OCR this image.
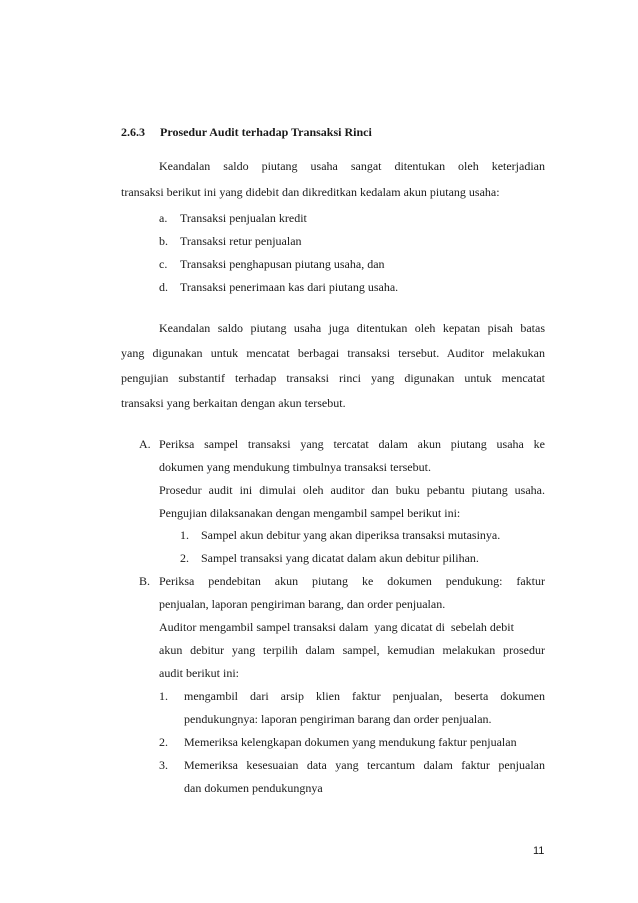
2.6.3 Prosedur Audit terhadap Transaksi Rinci
Keandalan saldo piutang usaha sangat ditentukan oleh keterjadian
transaksi berikut ini yang didebit dan dikreditkan kedalam akun piutang usaha:
a. Transaksi penjualan kredit
b. Transaksi retur penjualan
c. Transaksi penghapusan piutang usaha, dan
d. Transaksi penerimaan kas dari piutang usaha.
Keandalan saldo piutang usaha juga ditentukan oleh kepatan pisah batas
yang digunakan untuk mencatat berbagai transaksi tersebut. Auditor melakukan
pengujian substantif terhadap transaksi rinci yang digunakan untuk mencatat
transaksi yang berkaitan dengan akun tersebut.
A. Periksa sampel transaksi yang tercatat dalam akun piutang usaha ke
dokumen yang mendukung timbulnya transaksi tersebut.
Prosedur audit ini dimulai oleh auditor dan buku pebantu piutang usaha.
Pengujian dilaksanakan dengan mengambil sampel berikut ini:
1. Sampel akun debitur yang akan diperiksa transaksi mutasinya.
2. Sampel transaksi yang dicatat dalam akun debitur pilihan.
B. Periksa pendebitan akun piutang ke dokumen pendukung: faktur
penjualan, laporan pengiriman barang, dan order penjualan.
Auditor mengambil sampel transaksi dalam  yang dicatat di  sebelah debit
akun debitur yang terpilih dalam sampel, kemudian melakukan prosedur
audit berikut ini:
1. mengambil dari arsip klien faktur penjualan, beserta dokumen
pendukungnya: laporan pengiriman barang dan order penjualan.
2. Memeriksa kelengkapan dokumen yang mendukung faktur penjualan
3. Memeriksa kesesuaian data yang tercantum dalam faktur penjualan
dan dokumen pendukungnya
11
